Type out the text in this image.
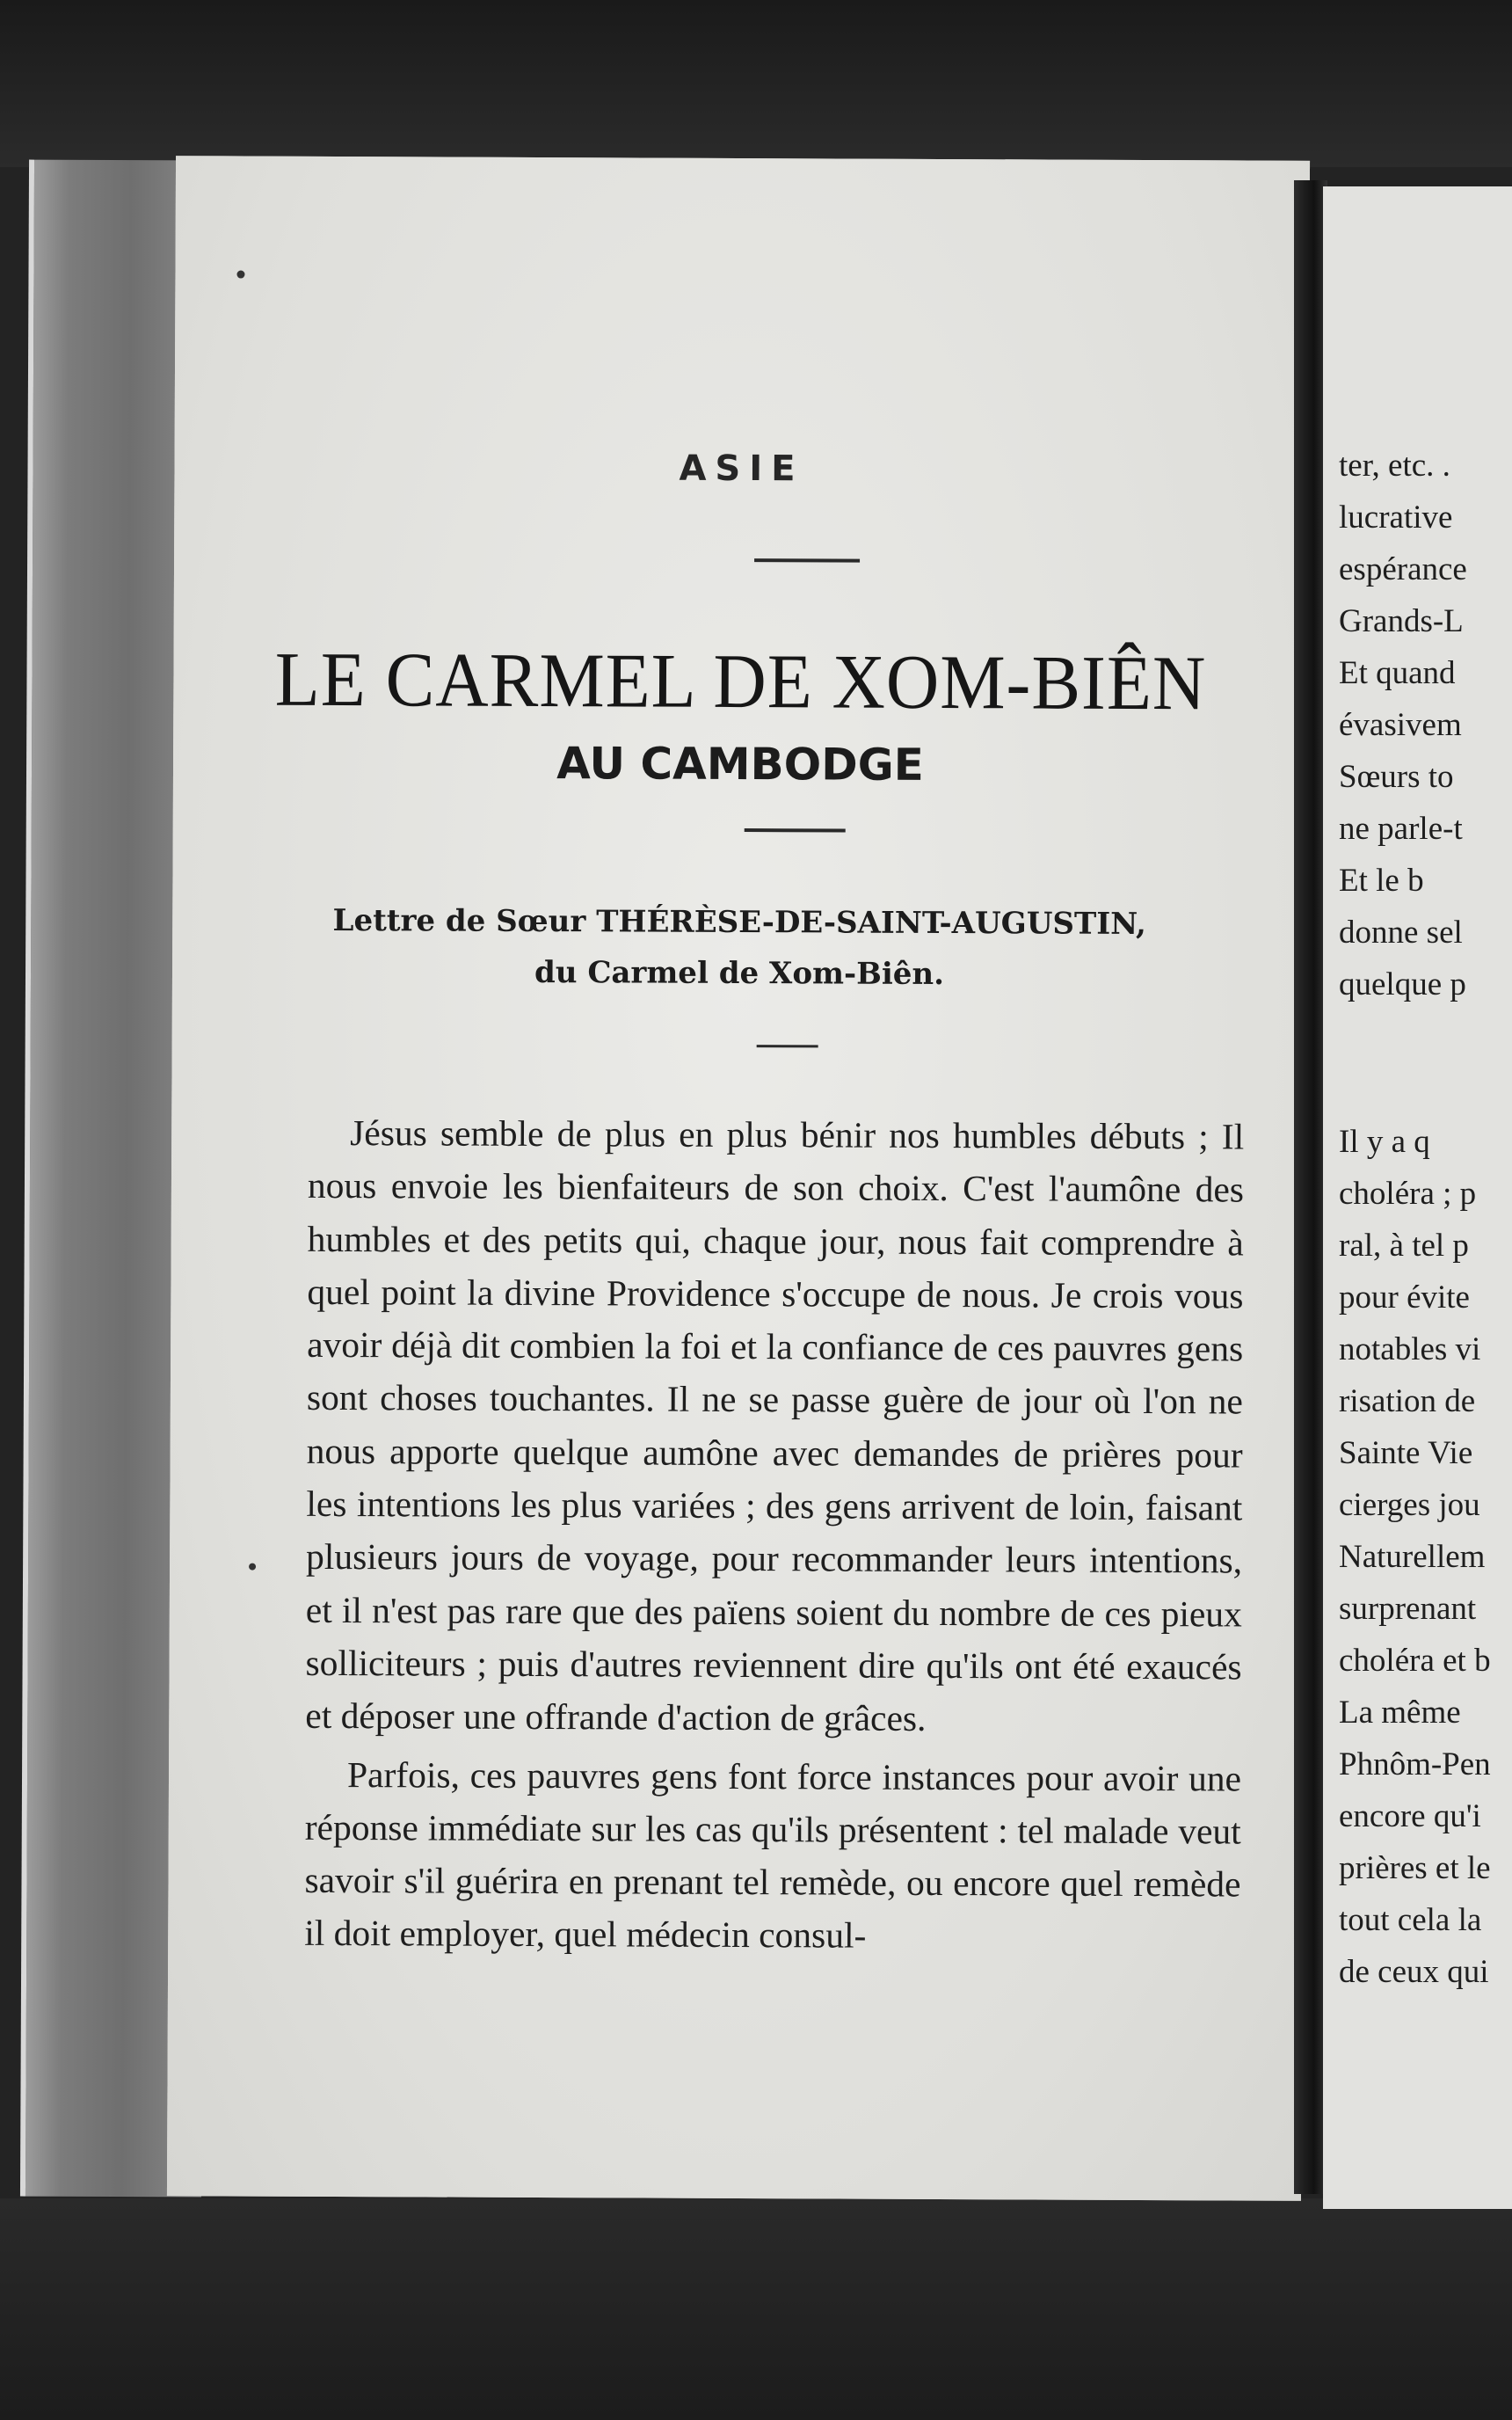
ASIE
LE CARMEL DE XOM-BIÊN
AU CAMBODGE
Lettre de Sœur THÉRÈSE-DE-SAINT-AUGUSTIN,
du Carmel de Xom-Biên.

Jésus semble de plus en plus bénir nos humbles débuts ; Il nous envoie les bienfaiteurs de son choix. C'est l'aumône des humbles et des petits qui, chaque jour, nous fait comprendre à quel point la divine Providence s'occupe de nous. Je crois vous avoir déjà dit combien la foi et la confiance de ces pauvres gens sont choses touchantes. Il ne se passe guère de jour où l'on ne nous apporte quelque aumône avec demandes de prières pour les intentions les plus variées ; des gens arrivent de loin, faisant plusieurs jours de voyage, pour recommander leurs intentions, et il n'est pas rare que des païens soient du nombre de ces pieux solliciteurs ; puis d'autres reviennent dire qu'ils ont été exaucés et déposer une offrande d'action de grâces.

Parfois, ces pauvres gens font force instances pour avoir une réponse immédiate sur les cas qu'ils présentent : tel malade veut savoir s'il guérira en prenant tel remède, ou encore quel remède il doit employer, quel médecin consul-

ter, etc. .
lucrative
espérance
Grands-L
Et quand
évasivem
Sœurs to
ne parle-t
Et le b
donne sel
quelque p
Il y a q
choléra ; p
ral, à tel p
pour évite
notables vi
risation de
Sainte Vie
cierges jou
Naturellem
surprenant
choléra et b
La même
Phnôm-Pen
encore qu'i
prières et le
tout cela la
de ceux qui
